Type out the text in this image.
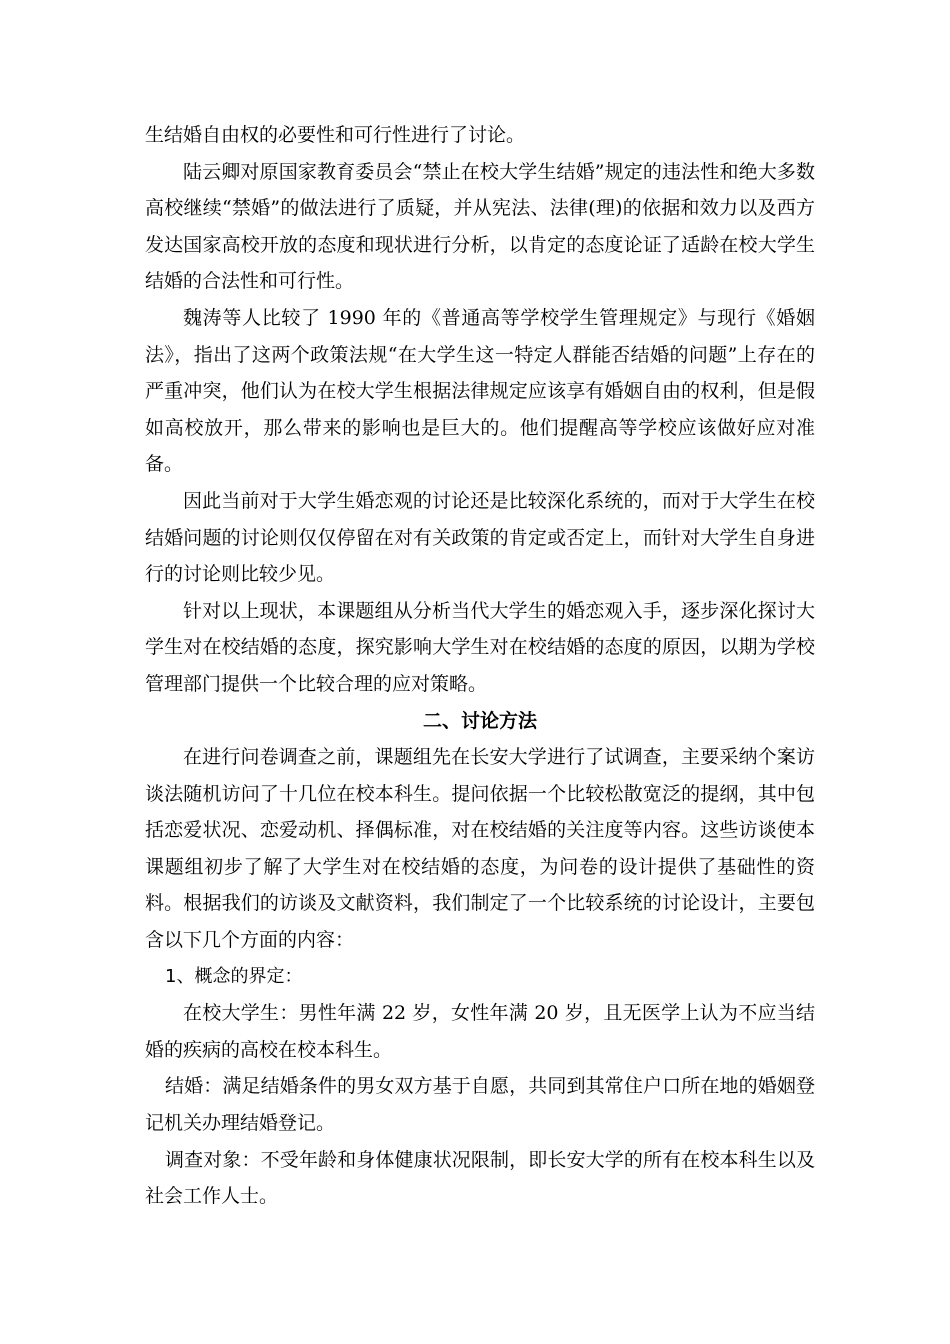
生结婚自由权的必要性和可行性进行了讨论。

陆云卿对原国家教育委员会“禁止在校大学生结婚”规定的违法性和绝大多数高校继续“禁婚”的做法进行了质疑，并从宪法、法律(理)的依据和效力以及西方发达国家高校开放的态度和现状进行分析，以肯定的态度论证了适龄在校大学生结婚的合法性和可行性。

魏涛等人比较了 1990 年的《普通高等学校学生管理规定》与现行《婚姻法》，指出了这两个政策法规“在大学生这一特定人群能否结婚的问题”上存在的严重冲突，他们认为在校大学生根据法律规定应该享有婚姻自由的权利，但是假如高校放开，那么带来的影响也是巨大的。他们提醒高等学校应该做好应对准备。

因此当前对于大学生婚恋观的讨论还是比较深化系统的，而对于大学生在校结婚问题的讨论则仅仅停留在对有关政策的肯定或否定上，而针对大学生自身进行的讨论则比较少见。

针对以上现状，本课题组从分析当代大学生的婚恋观入手，逐步深化探讨大学生对在校结婚的态度，探究影响大学生对在校结婚的态度的原因，以期为学校管理部门提供一个比较合理的应对策略。

二、讨论方法

在进行问卷调查之前，课题组先在长安大学进行了试调查，主要采纳个案访谈法随机访问了十几位在校本科生。提问依据一个比较松散宽泛的提纲，其中包括恋爱状况、恋爱动机、择偶标准，对在校结婚的关注度等内容。这些访谈使本课题组初步了解了大学生对在校结婚的态度，为问卷的设计提供了基础性的资料。根据我们的访谈及文献资料，我们制定了一个比较系统的讨论设计，主要包含以下几个方面的内容：

1、概念的界定：

在校大学生：男性年满 22 岁，女性年满 20 岁，且无医学上认为不应当结婚的疾病的高校在校本科生。

结婚：满足结婚条件的男女双方基于自愿，共同到其常住户口所在地的婚姻登记机关办理结婚登记。

调查对象：不受年龄和身体健康状况限制，即长安大学的所有在校本科生以及社会工作人士。
